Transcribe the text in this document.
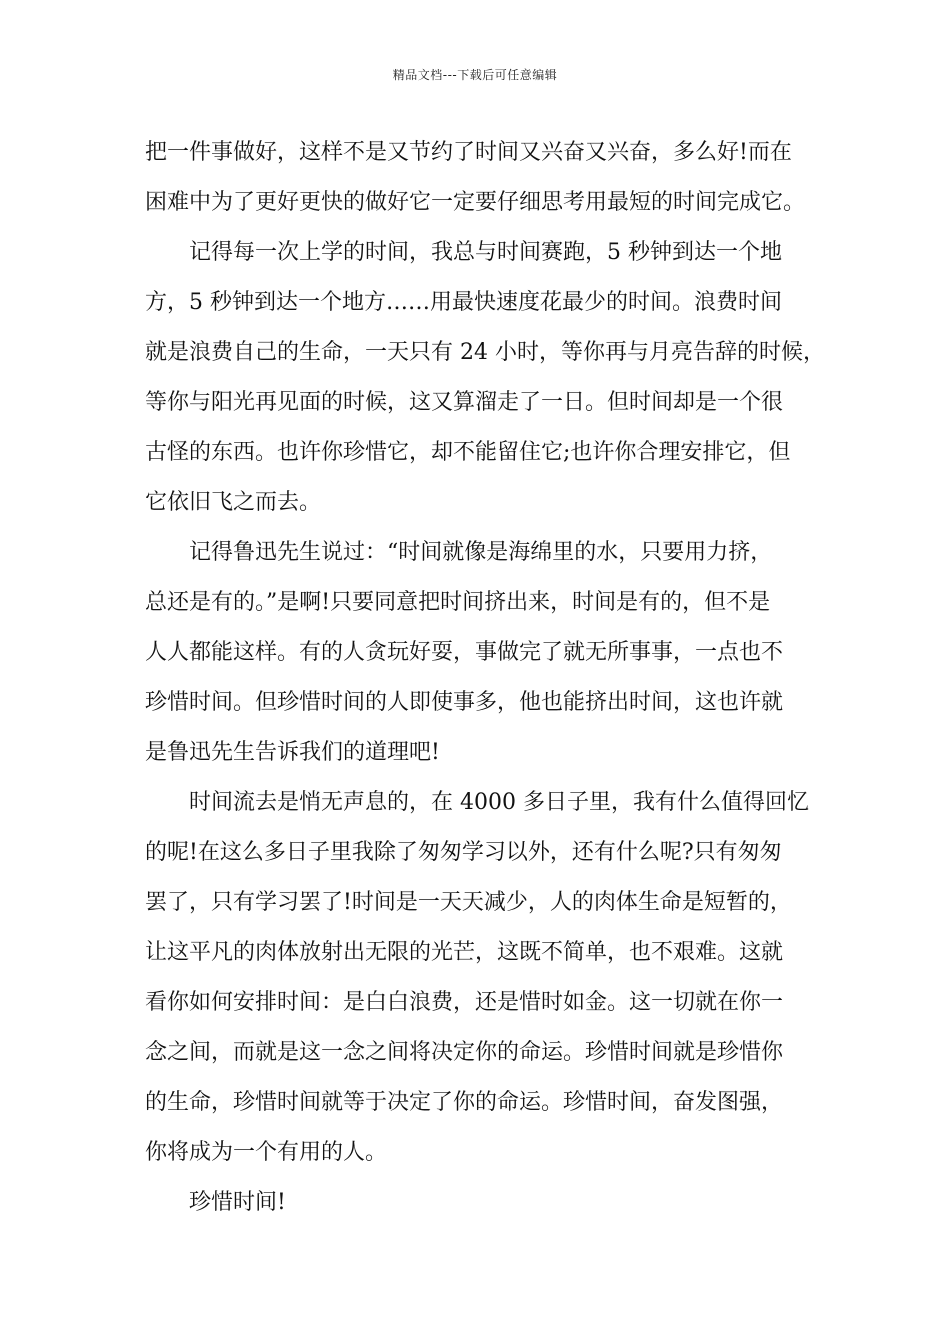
精品文档---下载后可任意编辑
把一件事做好，这样不是又节约了时间又兴奋又兴奋，多么好!而在
困难中为了更好更快的做好它一定要仔细思考用最短的时间完成它。
记得每一次上学的时间，我总与时间赛跑，5 秒钟到达一个地
方，5 秒钟到达一个地方……用最快速度花最少的时间。浪费时间
就是浪费自己的生命，一天只有 24 小时，等你再与月亮告辞的时候，
等你与阳光再见面的时候，这又算溜走了一日。但时间却是一个很
古怪的东西。也许你珍惜它，却不能留住它;也许你合理安排它，但
它依旧飞之而去。
记得鲁迅先生说过：“时间就像是海绵里的水，只要用力挤，
总还是有的。”是啊!只要同意把时间挤出来，时间是有的，但不是
人人都能这样。有的人贪玩好耍，事做完了就无所事事，一点也不
珍惜时间。但珍惜时间的人即使事多，他也能挤出时间，这也许就
是鲁迅先生告诉我们的道理吧!
时间流去是悄无声息的，在 4000 多日子里，我有什么值得回忆
的呢!在这么多日子里我除了匆匆学习以外，还有什么呢?只有匆匆
罢了，只有学习罢了!时间是一天天减少，人的肉体生命是短暂的，
让这平凡的肉体放射出无限的光芒，这既不简单，也不艰难。这就
看你如何安排时间：是白白浪费，还是惜时如金。这一切就在你一
念之间，而就是这一念之间将决定你的命运。珍惜时间就是珍惜你
的生命，珍惜时间就等于决定了你的命运。珍惜时间，奋发图强，
你将成为一个有用的人。
珍惜时间!
